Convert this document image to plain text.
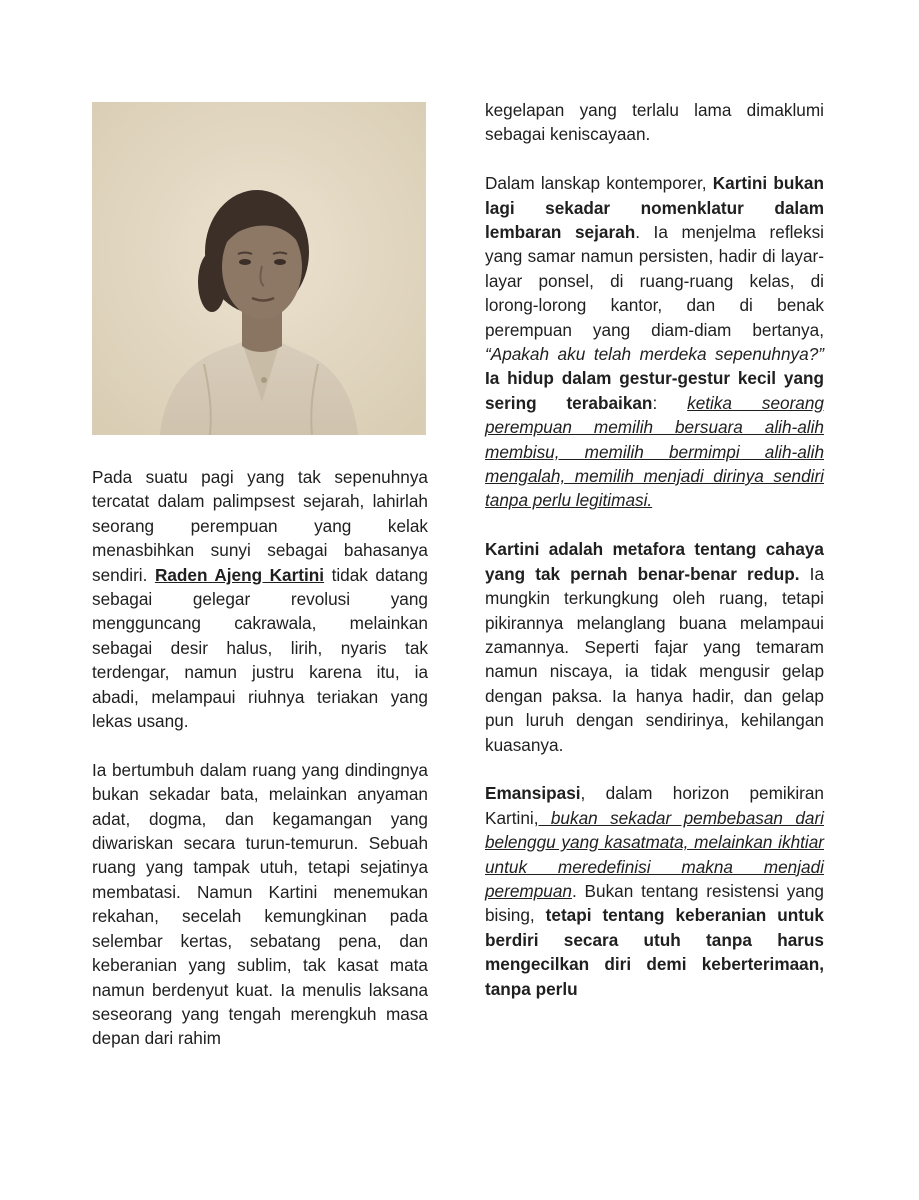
Pada suatu pagi yang tak sepenuhnya tercatat dalam palimpsest sejarah, lahirlah seorang perempuan yang kelak menasbihkan sunyi sebagai bahasanya sendiri. Raden Ajeng Kartini tidak datang sebagai gelegar revolusi yang mengguncang cakrawala, melainkan sebagai desir halus, lirih, nyaris tak terdengar, namun justru karena itu, ia abadi, melampaui riuhnya teriakan yang lekas usang.

Ia bertumbuh dalam ruang yang dindingnya bukan sekadar bata, melainkan anyaman adat, dogma, dan kegamangan yang diwariskan secara turun-temurun. Sebuah ruang yang tampak utuh, tetapi sejatinya membatasi. Namun Kartini menemukan rekahan, secelah kemungkinan pada selembar kertas, sebatang pena, dan keberanian yang sublim, tak kasat mata namun berdenyut kuat. Ia menulis laksana seseorang yang tengah merengkuh masa depan dari rahim

kegelapan yang terlalu lama dimaklumi sebagai keniscayaan.

Dalam lanskap kontemporer, Kartini bukan lagi sekadar nomenklatur dalam lembaran sejarah. Ia menjelma refleksi yang samar namun persisten, hadir di layar-layar ponsel, di ruang-ruang kelas, di lorong-lorong kantor, dan di benak perempuan yang diam-diam bertanya, “Apakah aku telah merdeka sepenuhnya?” Ia hidup dalam gestur-gestur kecil yang sering terabaikan: ketika seorang perempuan memilih bersuara alih-alih membisu, memilih bermimpi alih-alih mengalah, memilih menjadi dirinya sendiri tanpa perlu legitimasi.

Kartini adalah metafora tentang cahaya yang tak pernah benar-benar redup. Ia mungkin terkungkung oleh ruang, tetapi pikirannya melanglang buana melampaui zamannya. Seperti fajar yang temaram namun niscaya, ia tidak mengusir gelap dengan paksa. Ia hanya hadir, dan gelap pun luruh dengan sendirinya, kehilangan kuasanya.

Emansipasi, dalam horizon pemikiran Kartini, bukan sekadar pembebasan dari belenggu yang kasatmata, melainkan ikhtiar untuk meredefinisi makna menjadi perempuan. Bukan tentang resistensi yang bising, tetapi tentang keberanian untuk berdiri secara utuh tanpa harus mengecilkan diri demi keberterimaan, tanpa perlu
